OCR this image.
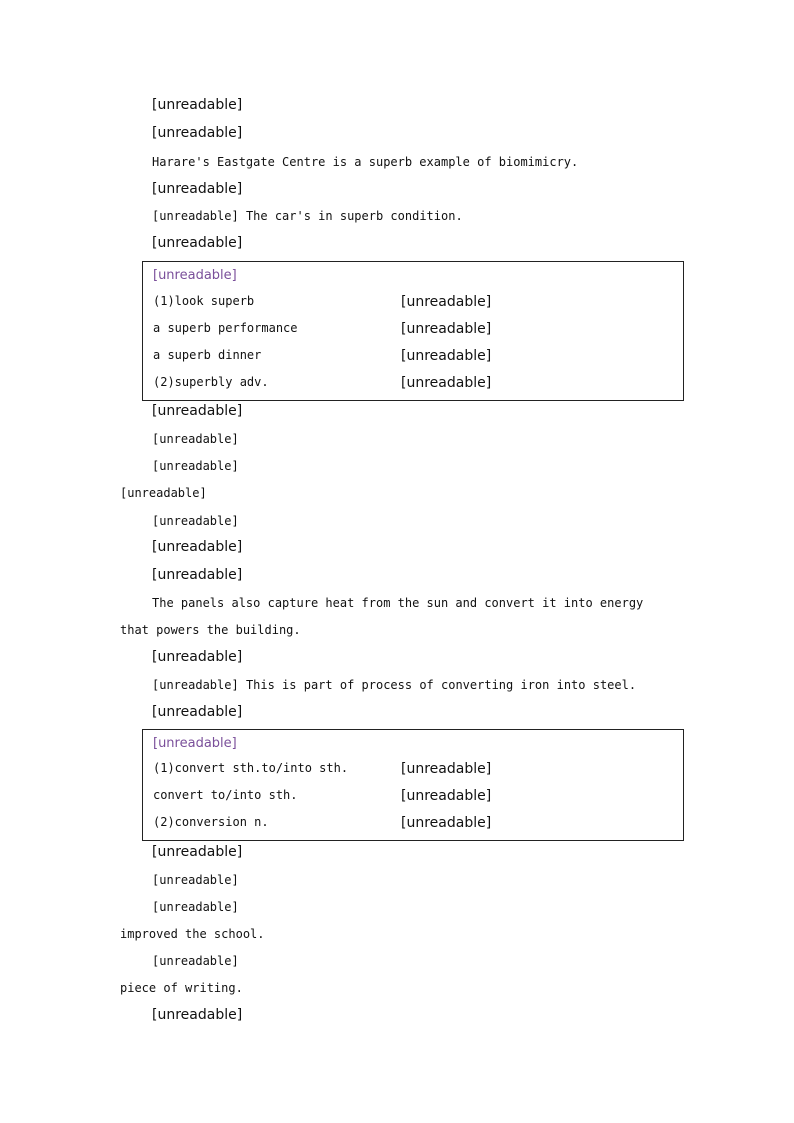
[unreadable]
[unreadable]
Harare's Eastgate Centre is a superb example of biomimicry.
[unreadable]
[unreadable] The car's in superb condition.
[unreadable]
[unreadable]
(1)look superb	[unreadable]
a superb performance	[unreadable]
a superb dinner	[unreadable]
(2)superbly adv.	[unreadable]
[unreadable]
[unreadable]
[unreadable]
[unreadable]
[unreadable]
[unreadable]
[unreadable]
The panels also capture heat from the sun and convert it into energy
that powers the building.
[unreadable]
[unreadable] This is part of process of converting iron into steel.
[unreadable]
[unreadable]
(1)convert sth.to/into sth.	[unreadable]
convert to/into sth.	[unreadable]
(2)conversion n.	[unreadable]
[unreadable]
[unreadable]
[unreadable]
improved the school.
[unreadable]
piece of writing.
[unreadable]
